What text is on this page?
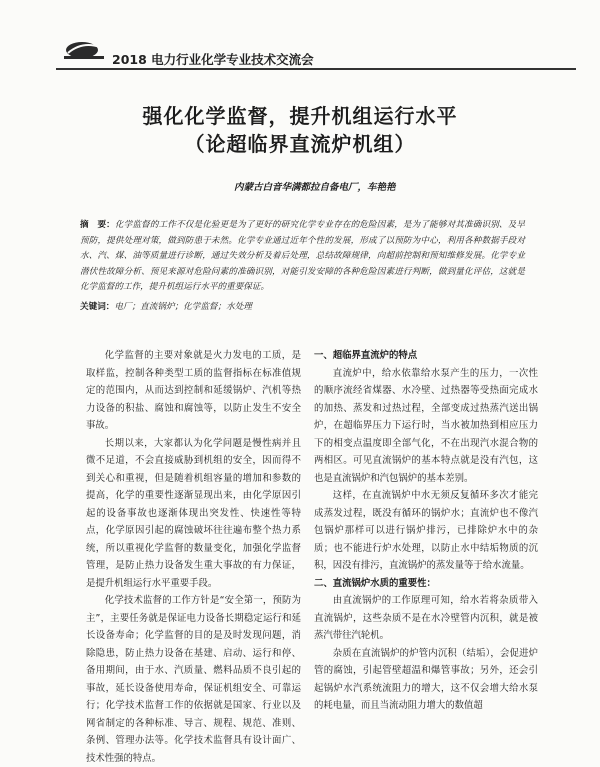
2018 电力行业化学专业技术交流会
强化化学监督，提升机组运行水平
（论超临界直流炉机组）
内蒙古白音华满都拉自备电厂，车艳艳
摘　要：化学监督的工作不仅是化验更是为了更好的研究化学专业存在的危险因素，是为了能够对其准确识别、及早预防，提供处理对策，做到防患于未然。化学专业通过近年个性的发展，形成了以预防为中心，利用各种数据手段对水、汽、煤、油等质量进行诊断，通过失效分析及着后处理，总结故障规律，向超前控制和预知维修发展。化学专业潜伏性故障分析、预见来源对危险问素的准确识别，对能引发安障的各种危险因素进行判断，做到量化评估，这就是化学监督的工作，提升机组运行水平的重要保证。
关键词：电厂；直流锅炉；化学监督；水处理

化学监督的主要对象就是火力发电的工质，是取样监，控制各种类型工质的监督指标在标准值规定的范围内，从而达到控制和延缓锅炉、汽机等热力设备的积盐、腐蚀和腐蚀等，以防止发生不安全事故。

长期以来，大家都认为化学问题是慢性病并且微不足道，不会直接威胁到机组的安全，因而得不到关心和重视，但是随着机组容量的增加和参数的提高，化学的重要性逐渐显现出来，由化学原因引起的设备事故也逐渐体现出突发性、快速性等特点，化学原因引起的腐蚀破坏往往遍布整个热力系统，所以重视化学监督的数量变化，加强化学监督管理，是防止热力设备发生重大事故的有力保证，是提升机组运行水平重要手段。

化学技术监督的工作方针是“安全第一，预防为主”，主要任务就是保证电力设备长期稳定运行和延长设备寿命；化学监督的目的是及时发现问题，消除隐患，防止热力设备在基建、启动、运行和停、备用期间，由于水、汽质量、燃料品质不良引起的事故，延长设备使用寿命，保证机组安全、可靠运行；化学技术监督工作的依据就是国家、行业以及网省制定的各种标准、导言、规程、规范、准则、条例、管理办法等。化学技术监督具有设计面广、技术性强的特点。

一、超临界直流炉的特点

直流炉中，给水依靠给水泵产生的压力，一次性的顺序流经省煤器、水冷壁、过热器等受热面完成水的加热、蒸发和过热过程，全部变成过热蒸汽送出锅炉，在超临界压力下运行时，当水被加热到相应压力下的相变点温度即全部气化，不在出现汽水混合物的两相区。可见直流锅炉的基本特点就是没有汽包，这也是直流锅炉和汽包锅炉的基本差别。

这样，在直流锅炉中水无须反复循环多次才能完成蒸发过程，既没有循环的锅炉水；直流炉也不像汽包锅炉那样可以进行锅炉排污，已排除炉水中的杂质；也不能进行炉水处理，以防止水中结垢物质的沉积，因没有排污，直流锅炉的蒸发量等于给水流量。

二、直流锅炉水质的重要性：

由直流锅炉的工作原理可知，给水若将杂质带入直流锅炉，这些杂质不是在水冷壁管内沉积，就是被蒸汽带往汽轮机。

杂质在直流锅炉的炉管内沉积（结垢），会促进炉管的腐蚀，引起管壁超温和爆管事故；另外，还会引起锅炉水汽系统流阻力的增大，这不仅会增大给水泵的耗电量，而且当流动阻力增大的数值超
